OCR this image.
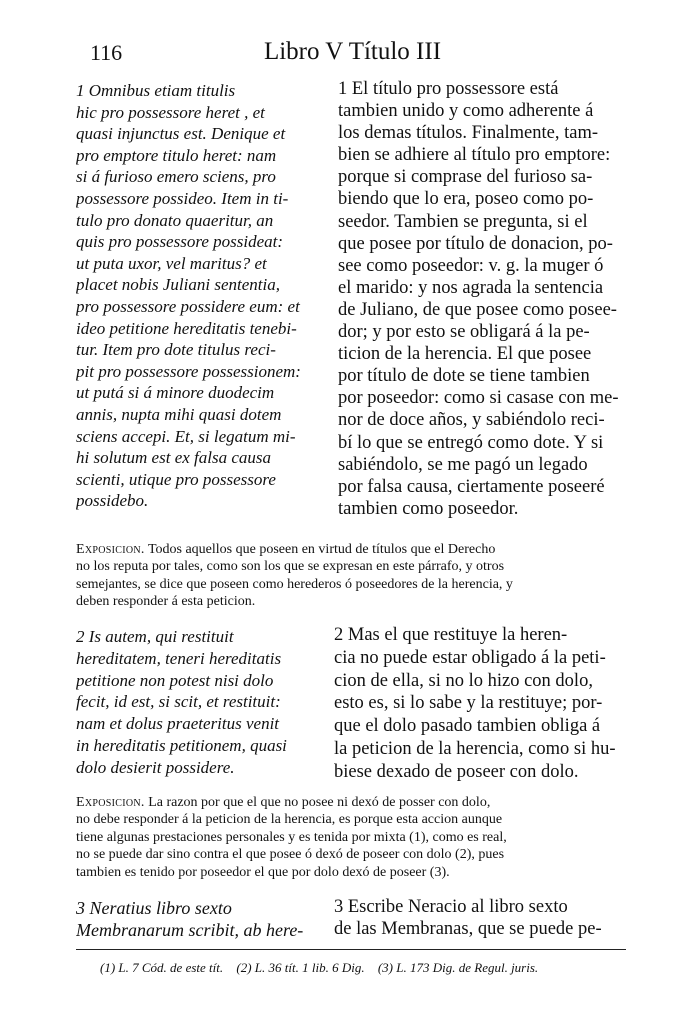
116	Libro V Título III
1 Omnibus etiam titulis
hic pro possessore heret , et
quasi injunctus est. Denique et
pro emptore titulo heret: nam
si á furioso emero sciens, pro
possessore possideo. Item in ti-
tulo pro donato quaeritur, an
quis pro possessore possideat:
ut puta uxor, vel maritus? et
placet nobis Juliani sententia,
pro possessore possidere eum: et
ideo petitione hereditatis tenebi-
tur. Item pro dote titulus reci-
pit pro possessore possessionem:
ut putá si á minore duodecim
annis, nupta mihi quasi dotem
sciens accepi. Et, si legatum mi-
hi solutum est ex falsa causa
scienti, utique pro possessore
possidebo.
1 El título pro possessore está
tambien unido y como adherente á
los demas títulos. Finalmente, tam-
bien se adhiere al título pro emptore:
porque si comprase del furioso sa-
biendo que lo era, poseo como po-
seedor. Tambien se pregunta, si el
que posee por título de donacion, po-
see como poseedor: v. g. la muger ó
el marido: y nos agrada la sentencia
de Juliano, de que posee como posee-
dor; y por esto se obligará á la pe-
ticion de la herencia. El que posee
por título de dote se tiene tambien
por poseedor: como si casase con me-
nor de doce años, y sabiéndolo reci-
bí lo que se entregó como dote. Y si
sabiéndolo, se me pagó un legado
por falsa causa, ciertamente poseeré
tambien como poseedor.
Exposicion. Todos aquellos que poseen en virtud de títulos que el Derecho
no los reputa por tales, como son los que se expresan en este párrafo, y otros
semejantes, se dice que poseen como herederos ó poseedores de la herencia, y
deben responder á esta peticion.
2 Is autem, qui restituit
hereditatem, teneri hereditatis
petitione non potest nisi dolo
fecit, id est, si scit, et restituit:
nam et dolus praeteritus venit
in hereditatis petitionem, quasi
dolo desierit possidere.
2 Mas el que restituye la heren-
cia no puede estar obligado á la peti-
cion de ella, si no lo hizo con dolo,
esto es, si lo sabe y la restituye; por-
que el dolo pasado tambien obliga á
la peticion de la herencia, como si hu-
biese dexado de poseer con dolo.
Exposicion. La razon por que el que no posee ni dexó de posser con dolo,
no debe responder á la peticion de la herencia, es porque esta accion aunque
tiene algunas prestaciones personales y es tenida por mixta (1), como es real,
no se puede dar sino contra el que posee ó dexó de poseer con dolo (2), pues
tambien es tenido por poseedor el que por dolo dexó de poseer (3).
3 Neratius libro sexto
Membranarum scribit, ab here-
3 Escribe Neracio al libro sexto
de las Membranas, que se puede pe-
(1) L. 7 Cód. de este tít. (2) L. 36 tít. 1 lib. 6 Dig. (3) L. 173 Dig. de Regul. juris.
